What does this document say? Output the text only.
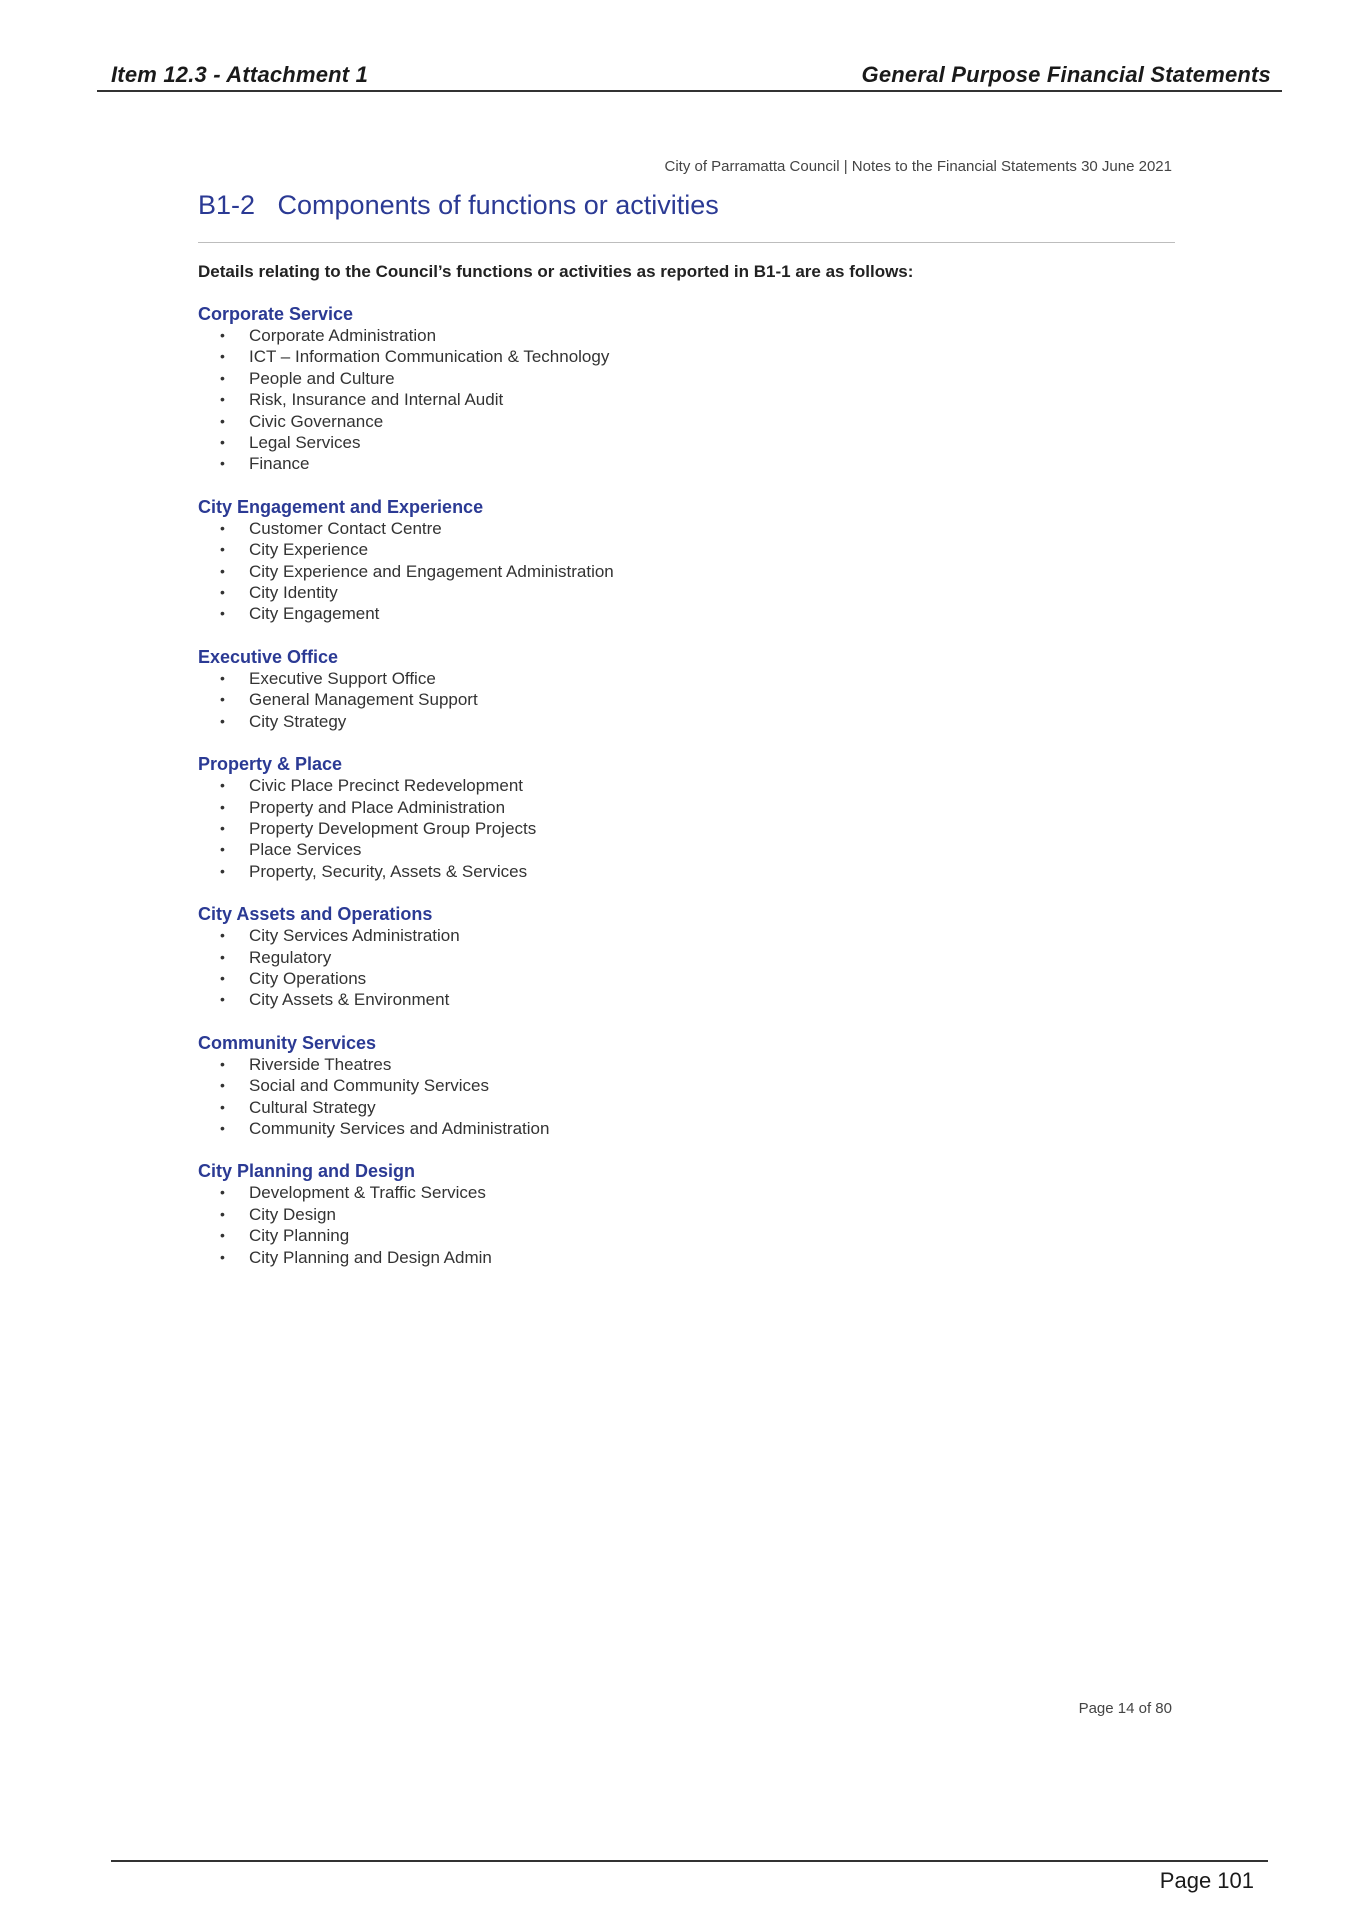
Item 12.3 - Attachment 1	General Purpose Financial Statements
City of Parramatta Council | Notes to the Financial Statements 30 June 2021
B1-2   Components of functions or activities
Details relating to the Council’s functions or activities as reported in B1-1 are as follows:
Corporate Service
• Corporate Administration
• ICT – Information Communication & Technology
• People and Culture
• Risk, Insurance and Internal Audit
• Civic Governance
• Legal Services
• Finance
City Engagement and Experience
• Customer Contact Centre
• City Experience
• City Experience and Engagement Administration
• City Identity
• City Engagement
Executive Office
• Executive Support Office
• General Management Support
• City Strategy
Property & Place
• Civic Place Precinct Redevelopment
• Property and Place Administration
• Property Development Group Projects
• Place Services
• Property, Security, Assets & Services
City Assets and Operations
• City Services Administration
• Regulatory
• City Operations
• City Assets & Environment
Community Services
• Riverside Theatres
• Social and Community Services
• Cultural Strategy
• Community Services and Administration
City Planning and Design
• Development & Traffic Services
• City Design
• City Planning
• City Planning and Design Admin
Page 14 of 80
Page 101
